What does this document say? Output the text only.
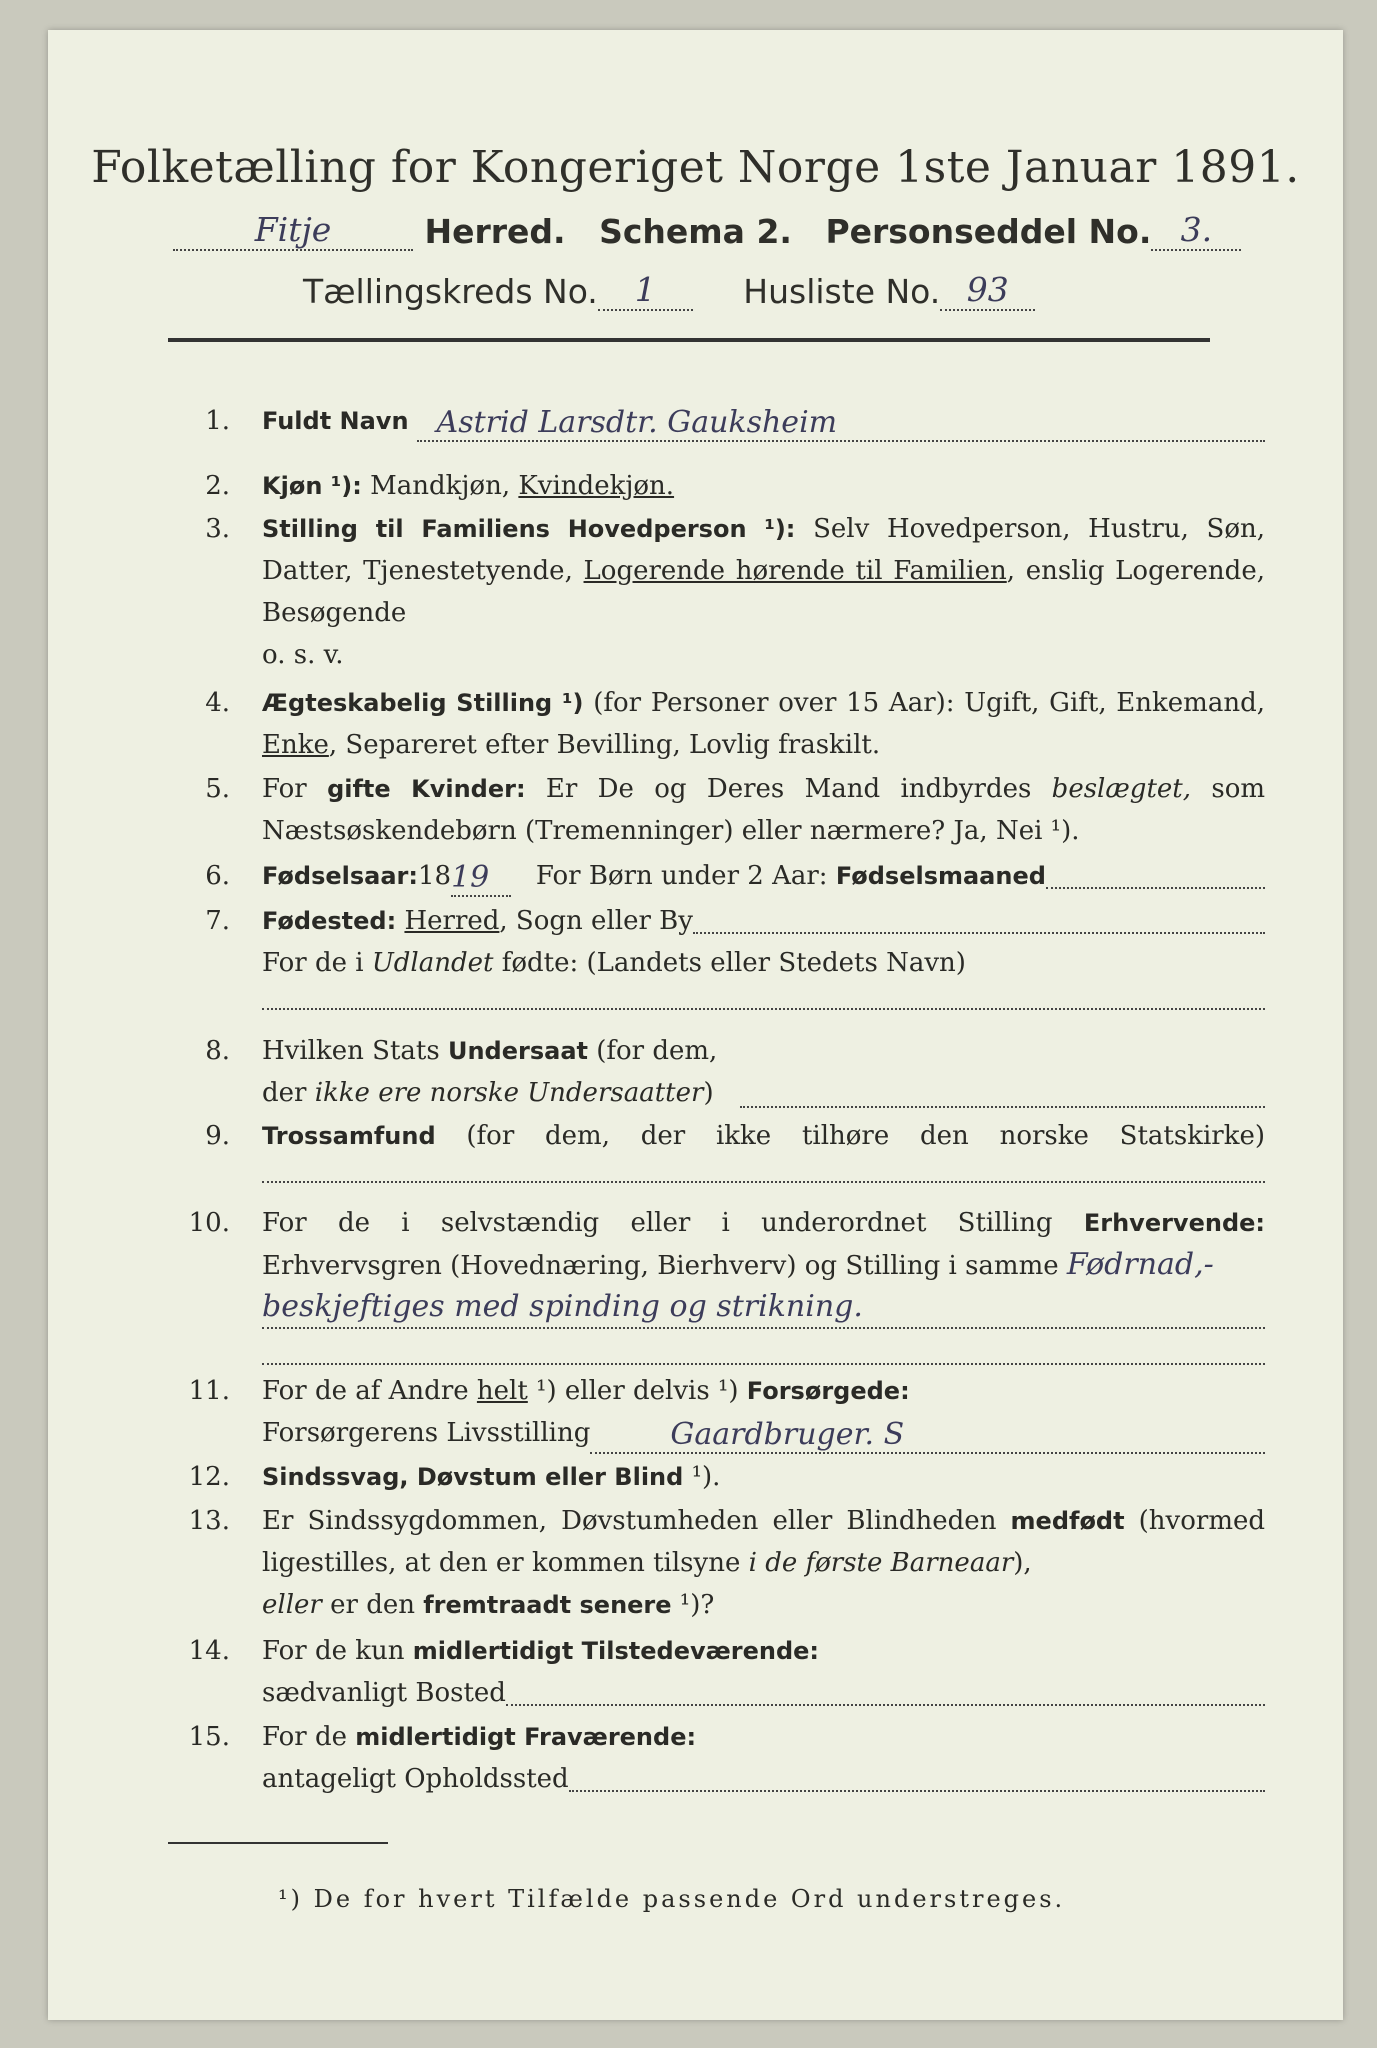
Folketælling for Kongeriget Norge 1ste Januar 1891.
Fitje	Herred. Schema 2. Personseddel No. 3.
Tællingskreds No. 1	Husliste No. 93
1. Fuldt Navn Astrid Larsdtr. Gauksheim
2. Kjøn ¹): Mandkjøn, Kvindekjøn.
3. Stilling til Familiens Hovedperson ¹): Selv Hovedperson, Hustru, Søn, Datter, Tjenestetyende, Logerende hørende til Familien, enslig Logerende, Besøgende
o. s. v.
4. Ægteskabelig Stilling ¹) (for Personer over 15 Aar): Ugift, Gift, Enkemand, Enke, Separeret efter Bevilling, Lovlig fraskilt.
5. For gifte Kvinder: Er De og Deres Mand indbyrdes beslægtet, som Næstsøskendebørn (Tremenninger) eller nærmere? Ja, Nei ¹).
6. Fødselsaar: 18 19 For Børn under 2 Aar: Fødselsmaaned
7. Fødested:
Herred , Sogn eller By
For de i Udlandet fødte: (Landets eller Stedets Navn)
8. Hvilken Stats Undersaat (for dem, der ikke ere norske Undersaatter)
9. Trossamfund (for dem, der ikke tilhøre den norske Statskirke)
10. For de i selvstændig eller i underordnet Stilling Erhvervende: Erhvervsgren (Hovednæring, Bierhverv) og Stilling i samme Fødrnad,-
beskjeftiges med spinding og strikning.
11. For de af Andre helt ¹) eller delvis ¹) Forsørgede:
Forsørgerens Livsstilling	Gaardbruger. S
12. Sindssvag, Døvstum eller Blind ¹).
13. Er Sindssygdommen, Døvstumheden eller Blindheden medfødt (hvormed ligestilles, at den er kommen tilsyne i de første Barneaar),
eller er den fremtraadt senere ¹)?
14. For de kun midlertidigt Tilstedeværende:
sædvanligt Bosted
15. For de midlertidigt Fraværende:
antageligt Opholdssted
¹) De for hvert Tilfælde passende Ord understreges.
